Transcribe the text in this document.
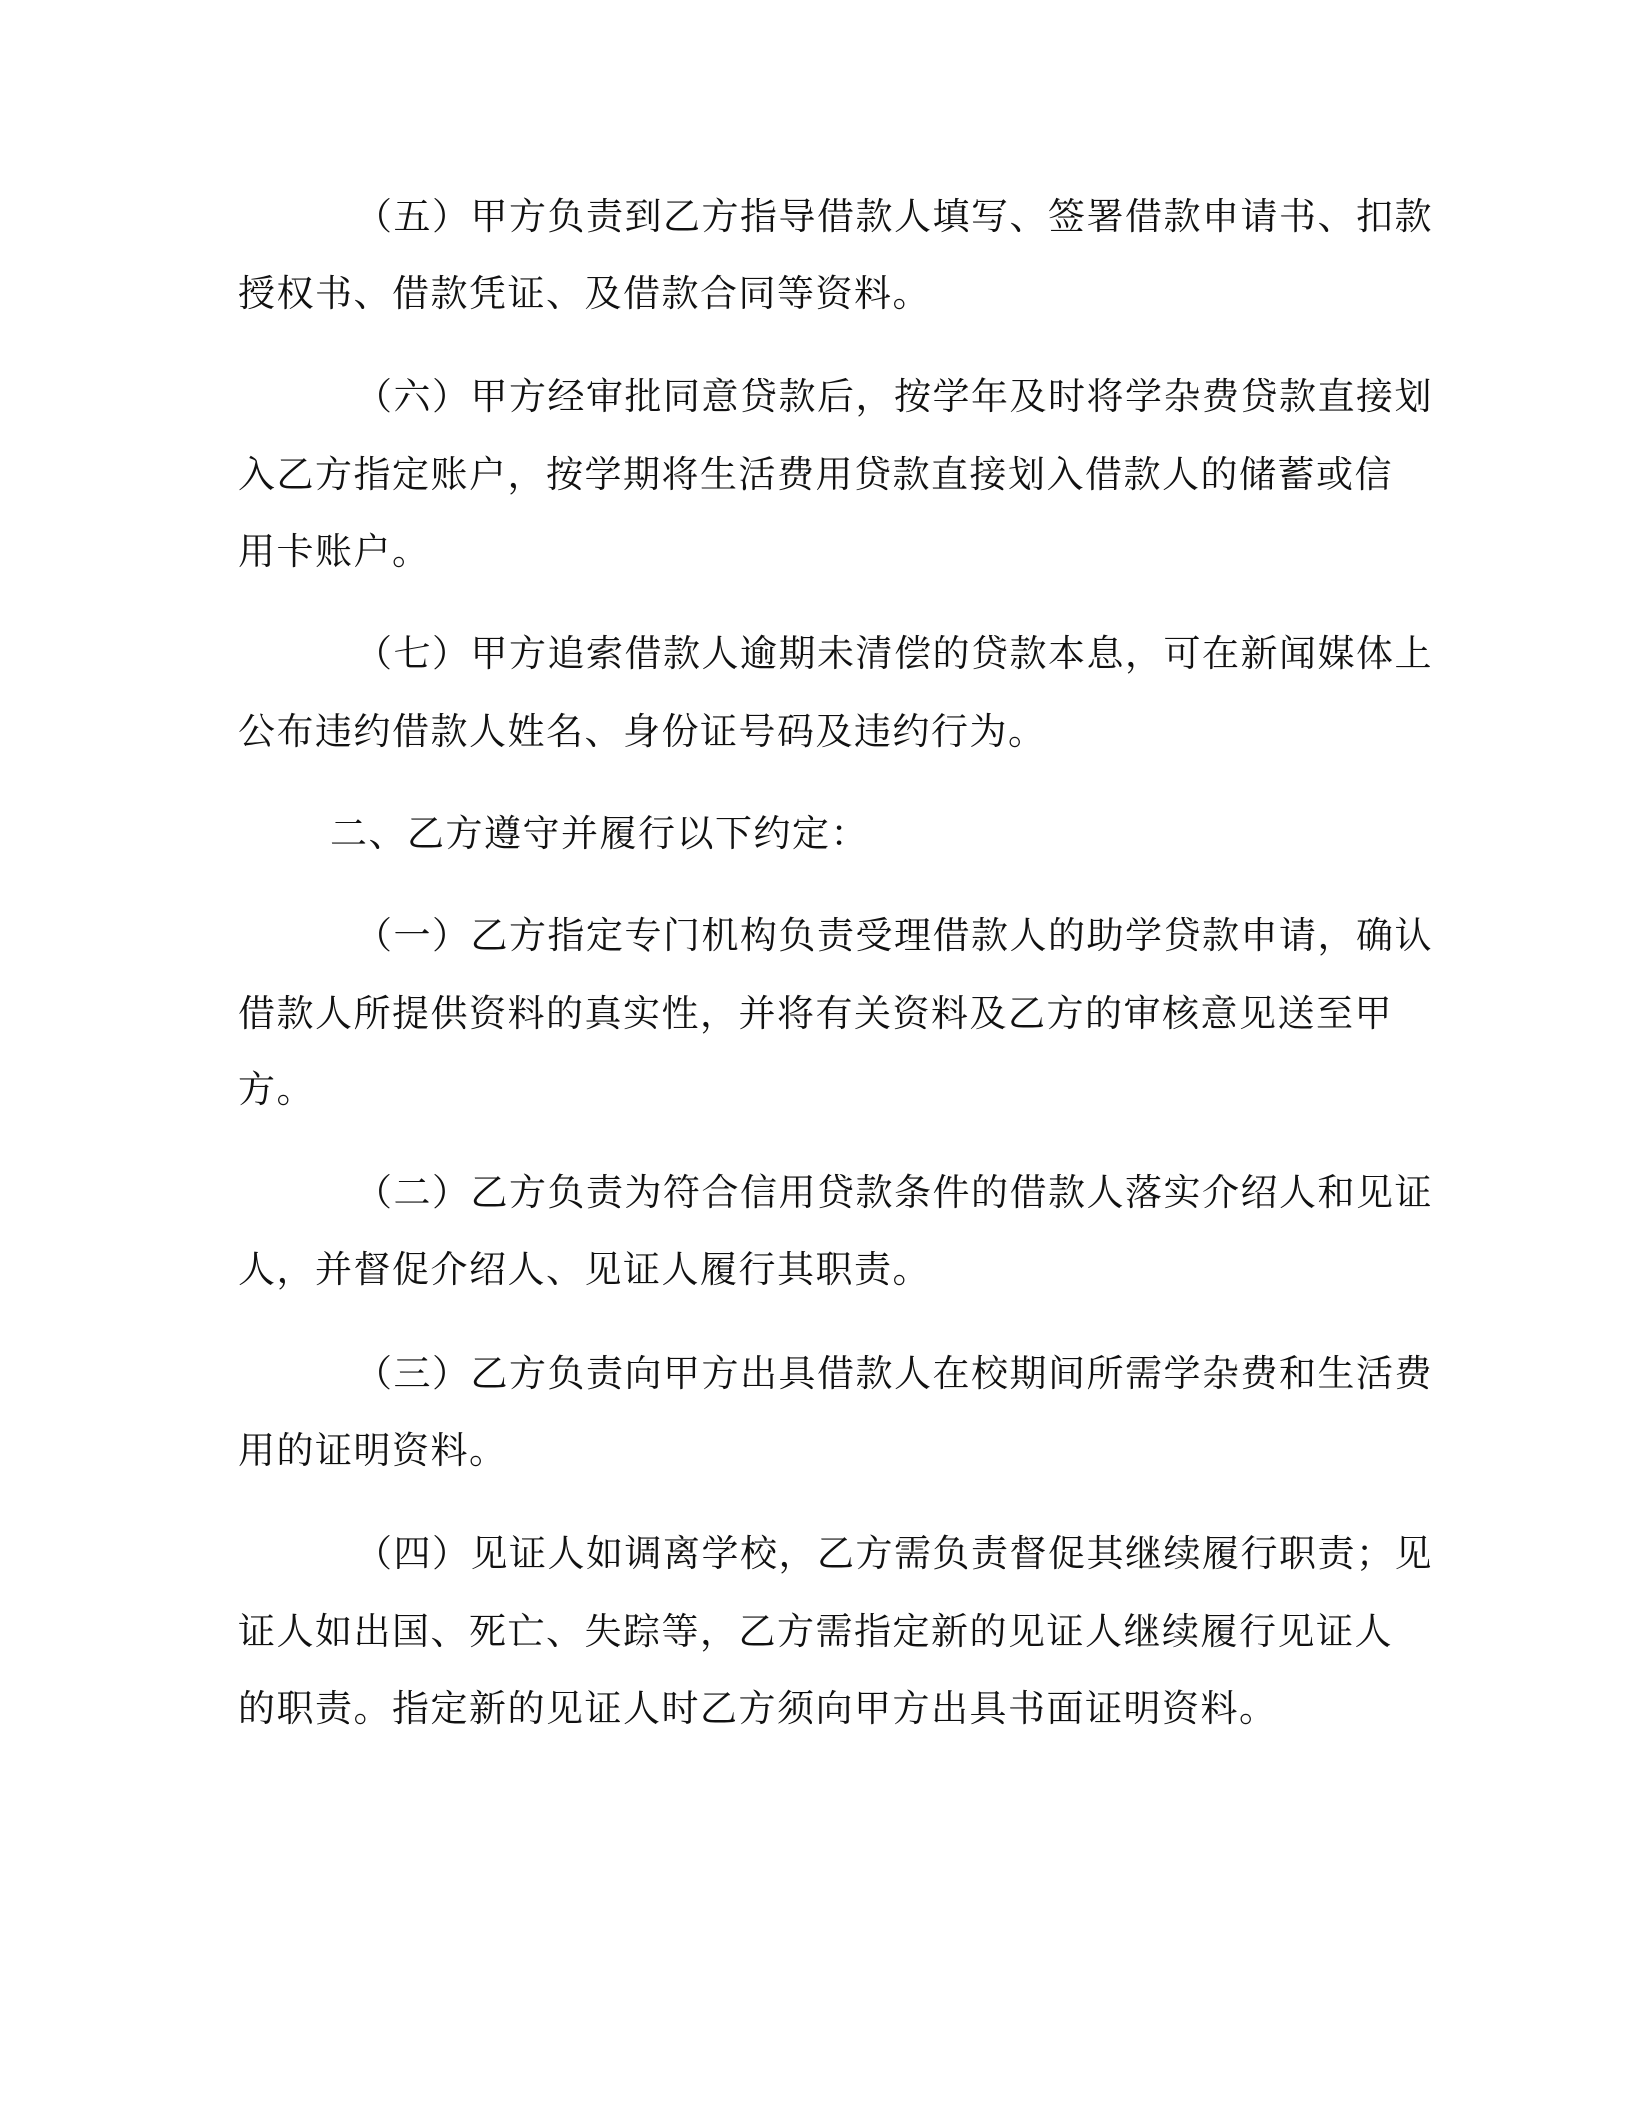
（五）甲方负责到乙方指导借款人填写、签署借款申请书、扣款

授权书、借款凭证、及借款合同等资料。

（六）甲方经审批同意贷款后，按学年及时将学杂费贷款直接划

入乙方指定账户，按学期将生活费用贷款直接划入借款人的储蓄或信

用卡账户。

（七）甲方追索借款人逾期未清偿的贷款本息，可在新闻媒体上

公布违约借款人姓名、身份证号码及违约行为。

二、乙方遵守并履行以下约定：

（一）乙方指定专门机构负责受理借款人的助学贷款申请，确认

借款人所提供资料的真实性，并将有关资料及乙方的审核意见送至甲

方。

（二）乙方负责为符合信用贷款条件的借款人落实介绍人和见证

人，并督促介绍人、见证人履行其职责。

（三）乙方负责向甲方出具借款人在校期间所需学杂费和生活费

用的证明资料。

（四）见证人如调离学校，乙方需负责督促其继续履行职责；见

证人如出国、死亡、失踪等，乙方需指定新的见证人继续履行见证人

的职责。指定新的见证人时乙方须向甲方出具书面证明资料。
